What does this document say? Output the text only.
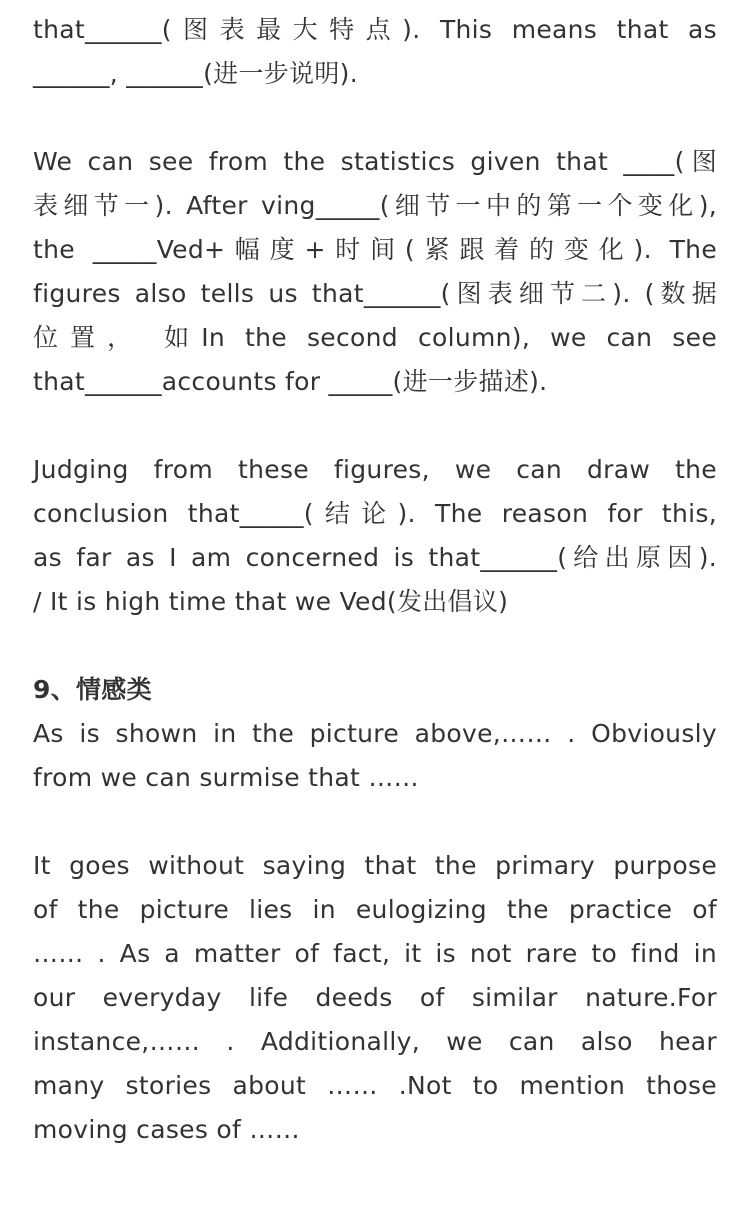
that______(图表最大特点). This means that as
______, ______(进一步说明).
We can see from the statistics given that ____(图
表细节一). After ving_____(细节一中的第一个变化),
the _____Ved+幅度+时间(紧跟着的变化). The
figures also tells us that______(图表细节二). (数据
位置， 如In the second column), we can see
that______accounts for _____(进一步描述).
Judging from these figures, we can draw the
conclusion that_____(结论). The reason for this,
as far as I am concerned is that______(给出原因).
/ It is high time that we Ved(发出倡议)
9、情感类
As is shown in the picture above,…… . Obviously
from we can surmise that ……
It goes without saying that the primary purpose
of the picture lies in eulogizing the practice of
…… . As a matter of fact, it is not rare to find in
our everyday life deeds of similar nature.For
instance,…… . Additionally, we can also hear
many stories about …… .Not to mention those
moving cases of ……
